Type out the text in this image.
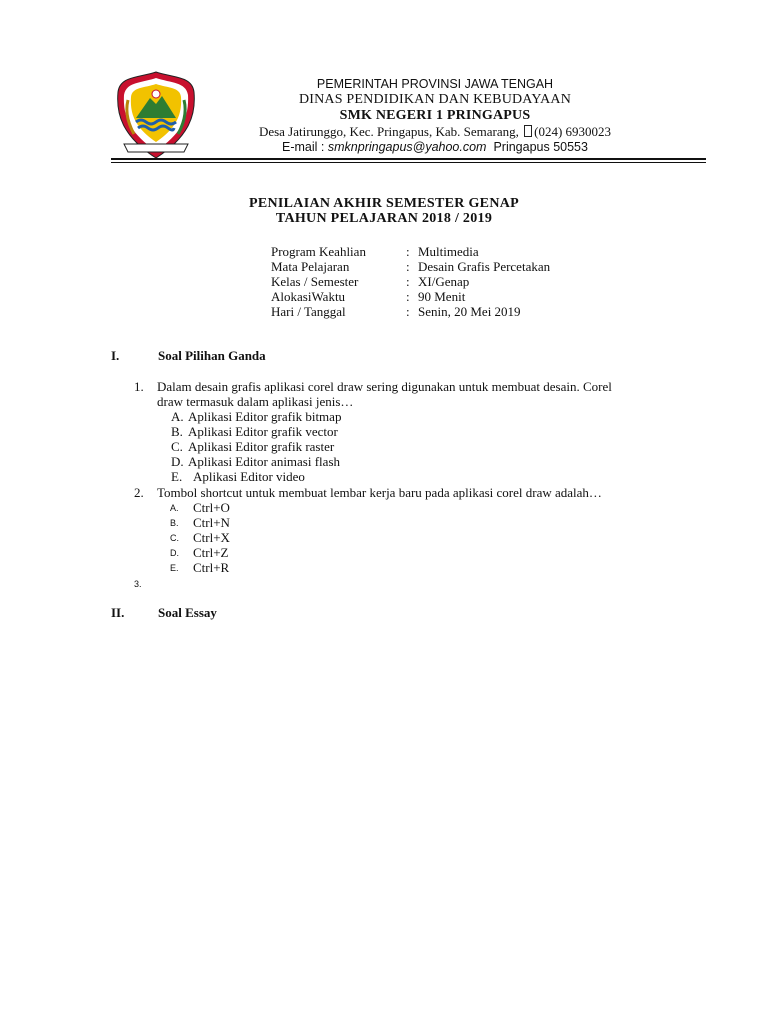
PEMERINTAH PROVINSI JAWA TENGAH
DINAS PENDIDIKAN DAN KEBUDAYAAN
SMK NEGERI 1 PRINGAPUS
Desa Jatirunggo, Kec. Pringapus, Kab. Semarang, (024) 6930023
E-mail : smknpringapus@yahoo.com Pringapus 50553
PENILAIAN AKHIR SEMESTER GENAP
TAHUN PELAJARAN 2018 / 2019
Program Keahlian	: Multimedia
Mata Pelajaran	: Desain Grafis Percetakan
Kelas / Semester	: XI/Genap
AlokasiWaktu	: 90 Menit
Hari / Tanggal	: Senin, 20 Mei 2019
I.	Soal Pilihan Ganda
1. Dalam desain grafis aplikasi corel draw sering digunakan untuk membuat desain. Corel
draw termasuk dalam aplikasi jenis…
A. Aplikasi Editor grafik bitmap
B. Aplikasi Editor grafik vector
C. Aplikasi Editor grafik raster
D. Aplikasi Editor animasi flash
E. Aplikasi Editor video
2. Tombol shortcut untuk membuat lembar kerja baru pada aplikasi corel draw adalah…
A. Ctrl+O
B. Ctrl+N
C. Ctrl+X
D. Ctrl+Z
E. Ctrl+R
3.
II.	Soal Essay
